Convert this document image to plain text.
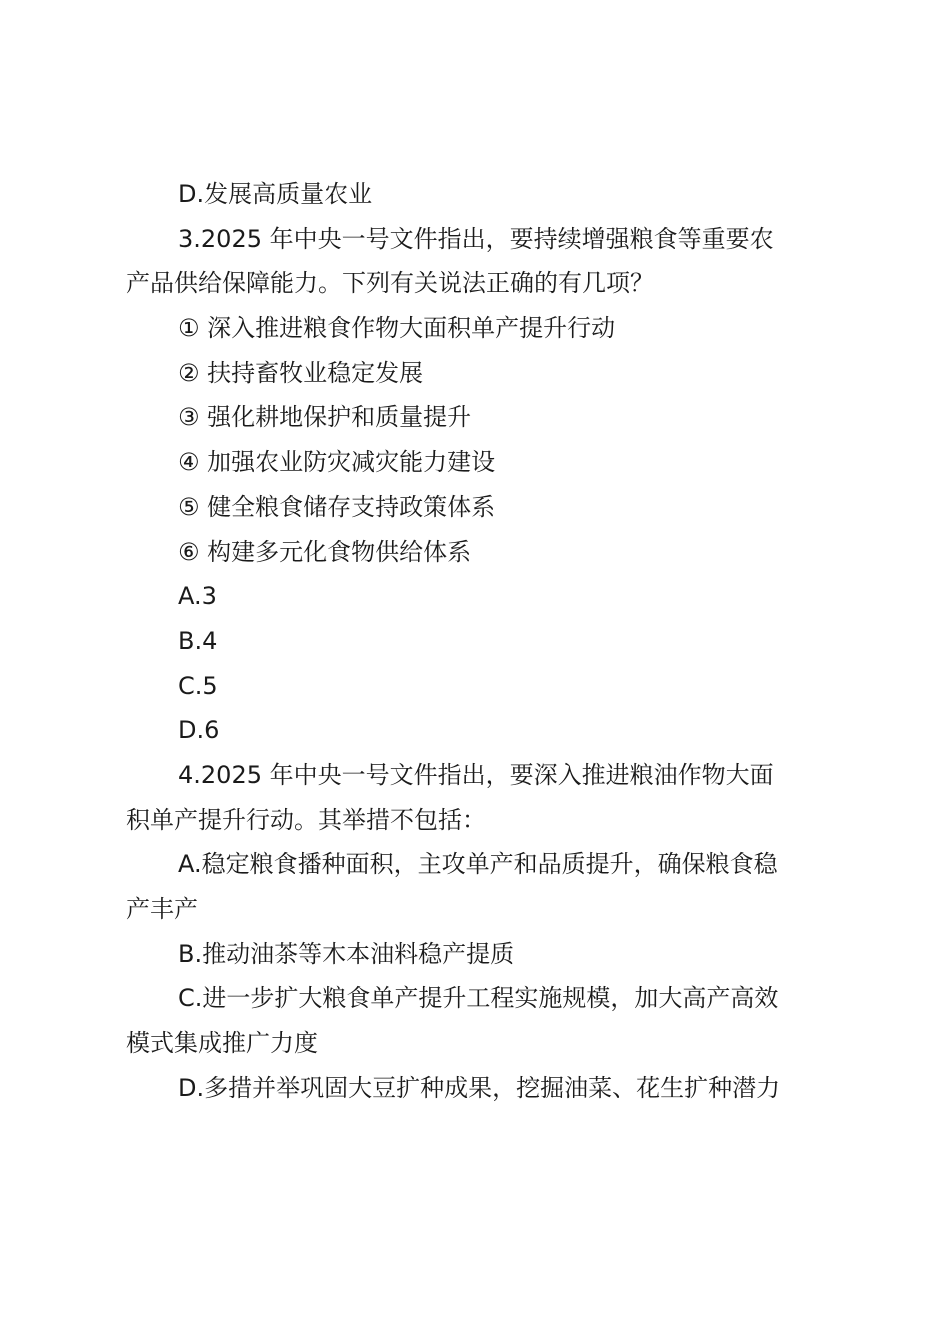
D.发展高质量农业
3.2025 年中央一号文件指出，要持续增强粮食等重要农
产品供给保障能力。下列有关说法正确的有几项？
① 深入推进粮食作物大面积单产提升行动
② 扶持畜牧业稳定发展
③ 强化耕地保护和质量提升
④ 加强农业防灾减灾能力建设
⑤ 健全粮食储存支持政策体系
⑥ 构建多元化食物供给体系
A.3
B.4
C.5
D.6
4.2025 年中央一号文件指出，要深入推进粮油作物大面
积单产提升行动。其举措不包括：
A.稳定粮食播种面积，主攻单产和品质提升，确保粮食稳
产丰产
B.推动油茶等木本油料稳产提质
C.进一步扩大粮食单产提升工程实施规模，加大高产高效
模式集成推广力度
D.多措并举巩固大豆扩种成果，挖掘油菜、花生扩种潜力
